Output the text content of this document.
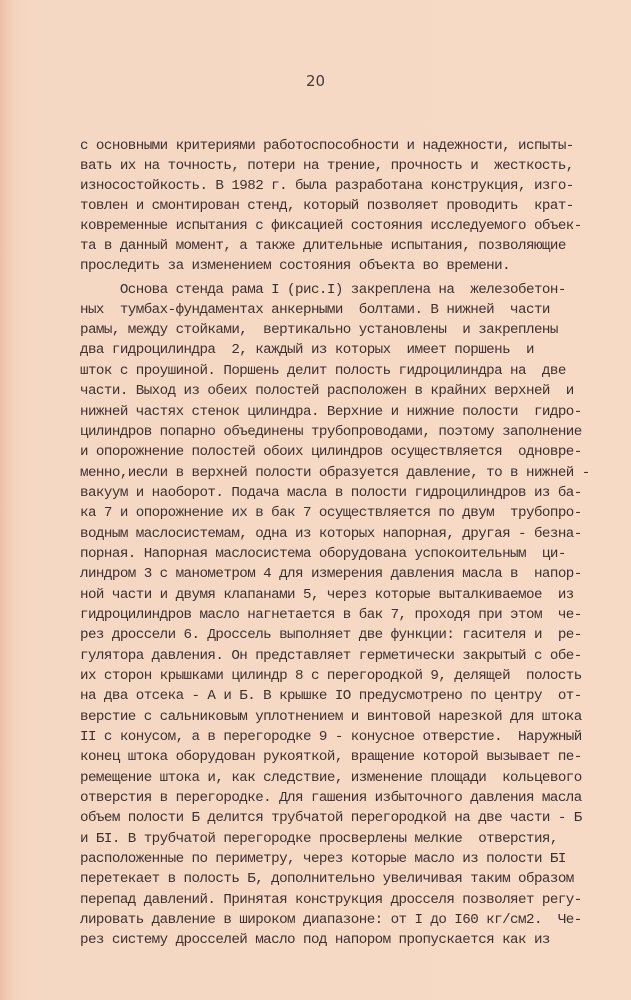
20
с основными критериями работоспособности и надежности, испыты-
вать их на точность, потери на трение, прочность и  жесткость,
износостойкость. В 1982 г. была разработана конструкция, изго-
товлен и смонтирован стенд, который позволяет проводить  крат-
ковременные испытания с фиксацией состояния исследуемого объек-
та в данный момент, а также длительные испытания, позволяющие
проследить за изменением состояния объекта во времени.
Основа стенда рама I (рис.I) закреплена на  железобетон-
ных  тумбах-фундаментах анкерными  болтами. В нижней  части
рамы, между стойками,  вертикально установлены  и закреплены
два гидроцилиндра  2, каждый из которых  имеет поршень  и
шток с проушиной. Поршень делит полость гидроцилиндра на  две
части. Выход из обеих полостей расположен в крайних верхней  и
нижней частях стенок цилиндра. Верхние и нижние полости  гидро-
цилиндров попарно объединены трубопроводами, поэтому заполнение
и опорожнение полостей обоих цилиндров осуществляется  одновре-
менно,иесли в верхней полости образуется давление, то в нижней -
вакуум и наоборот. Подача масла в полости гидроцилиндров из ба-
ка 7 и опорожнение их в бак 7 осуществляется по двум  трубопро-
водным маслосистемам, одна из которых напорная, другая - безна-
порная. Напорная маслосистема оборудована успокоительным  ци-
линдром 3 с манометром 4 для измерения давления масла в  напор-
ной части и двумя клапанами 5, через которые выталкиваемое  из
гидроцилиндров масло нагнетается в бак 7, проходя при этом  че-
рез дроссели 6. Дроссель выполняет две функции: гасителя и  ре-
гулятора давления. Он представляет герметически закрытый с обе-
их сторон крышками цилиндр 8 с перегородкой 9, делящей  полость
на два отсека - А и Б. В крышке IО предусмотрено по центру  от-
верстие с сальниковым уплотнением и винтовой нарезкой для штока
II с конусом, а в перегородке 9 - конусное отверстие.  Наружный
конец штока оборудован рукояткой, вращение которой вызывает пе-
ремещение штока и, как следствие, изменение площади  кольцевого
отверстия в перегородке. Для гашения избыточного давления масла
объем полости Б делится трубчатой перегородкой на две части - Б
и БI. В трубчатой перегородке просверлены мелкие  отверстия,
расположенные по периметру, через которые масло из полости БI
перетекает в полость Б, дополнительно увеличивая таким образом
перепад давлений. Принятая конструкция дросселя позволяет регу-
лировать давление в широком диапазоне: от I до I60 кг/см2.  Че-
рез систему дросселей масло под напором пропускается как из
